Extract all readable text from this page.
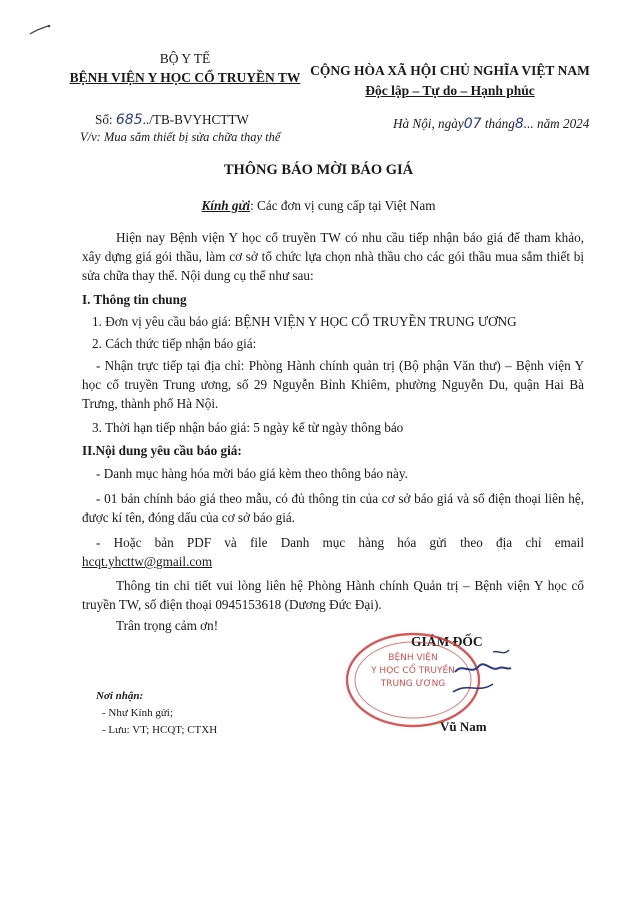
BỘ Y TẾ
BỆNH VIỆN Y HỌC CỔ TRUYỀN TW CỘNG HÒA XÃ HỘI CHỦ NGHĨA VIỆT NAM
Độc lập – Tự do – Hạnh phúc
Số: 685../TB-BVYHCTTW
V/v: Mua sắm thiết bị sửa chữa thay thế
Hà Nội, ngày07 tháng8... năm 2024
THÔNG BÁO MỜI BÁO GIÁ
Kính gửi: Các đơn vị cung cấp tại Việt Nam
Hiện nay Bệnh viện Y học cổ truyền TW có nhu cầu tiếp nhận báo giá để tham khảo, xây dựng giá gói thầu, làm cơ sở tổ chức lựa chọn nhà thầu cho các gói thầu mua sắm thiết bị sửa chữa thay thế. Nội dung cụ thể như sau:
I. Thông tin chung
1. Đơn vị yêu cầu báo giá: BỆNH VIỆN Y HỌC CỔ TRUYỀN TRUNG ƯƠNG
2. Cách thức tiếp nhận báo giá:
- Nhận trực tiếp tại địa chỉ: Phòng Hành chính quản trị (Bộ phận Văn thư) – Bệnh viện Y học cổ truyền Trung ương, số 29 Nguyễn Bỉnh Khiêm, phường Nguyễn Du, quận Hai Bà Trưng, thành phố Hà Nội.
3. Thời hạn tiếp nhận báo giá: 5 ngày kể từ ngày thông báo
II.Nội dung yêu cầu báo giá:
- Danh mục hàng hóa mời báo giá kèm theo thông báo này.
- 01 bản chính báo giá theo mẫu, có đủ thông tin của cơ sở báo giá và số điện thoại liên hệ, được kí tên, đóng dấu của cơ sở báo giá.
- Hoặc bản PDF và file Danh mục hàng hóa gửi theo địa chỉ email
hcqt.yhcttw@gmail.com
Thông tin chi tiết vui lòng liên hệ Phòng Hành chính Quản trị – Bệnh viện Y học cổ truyền TW, số điện thoại 0945153618 (Dương Đức Đại).
Trân trọng cảm ơn!
Nơi nhận:
- Như Kính gửi;
- Lưu: VT; HCQT; CTXH
GIÁM ĐỐC
BỆNH VIỆN
Y HỌC CỔ TRUYỀN
TRUNG ƯƠNG
Vũ Nam
